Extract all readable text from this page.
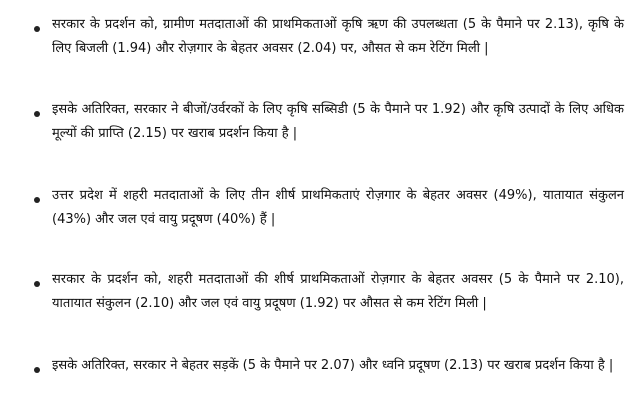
सरकार के प्रदर्शन को, ग्रामीण मतदाताओं की प्राथमिकताओं कृषि ऋण की उपलब्धता (5 के पैमाने पर 2.13), कृषि के लिए बिजली (1.94) और रोज़गार के बेहतर अवसर (2.04) पर, औसत से कम रेटिंग मिली |

इसके अतिरिक्त, सरकार ने बीजों/उर्वरकों के लिए कृषि सब्सिडी (5 के पैमाने पर 1.92) और कृषि उत्पादों के लिए अधिक मूल्यों की प्राप्ति (2.15) पर खराब प्रदर्शन किया है |

उत्तर प्रदेश में शहरी मतदाताओं के लिए तीन शीर्ष प्राथमिकताएं रोज़गार के बेहतर अवसर (49%), यातायात संकुलन (43%) और जल एवं वायु प्रदूषण (40%) हैं |

सरकार के प्रदर्शन को, शहरी मतदाताओं की शीर्ष प्राथमिकताओं रोज़गार के बेहतर अवसर (5 के पैमाने पर 2.10), यातायात संकुलन (2.10) और जल एवं वायु प्रदूषण (1.92) पर औसत से कम रेटिंग मिली |

इसके अतिरिक्त, सरकार ने बेहतर सड़कें (5 के पैमाने पर 2.07) और ध्वनि प्रदूषण (2.13) पर खराब प्रदर्शन किया है |
